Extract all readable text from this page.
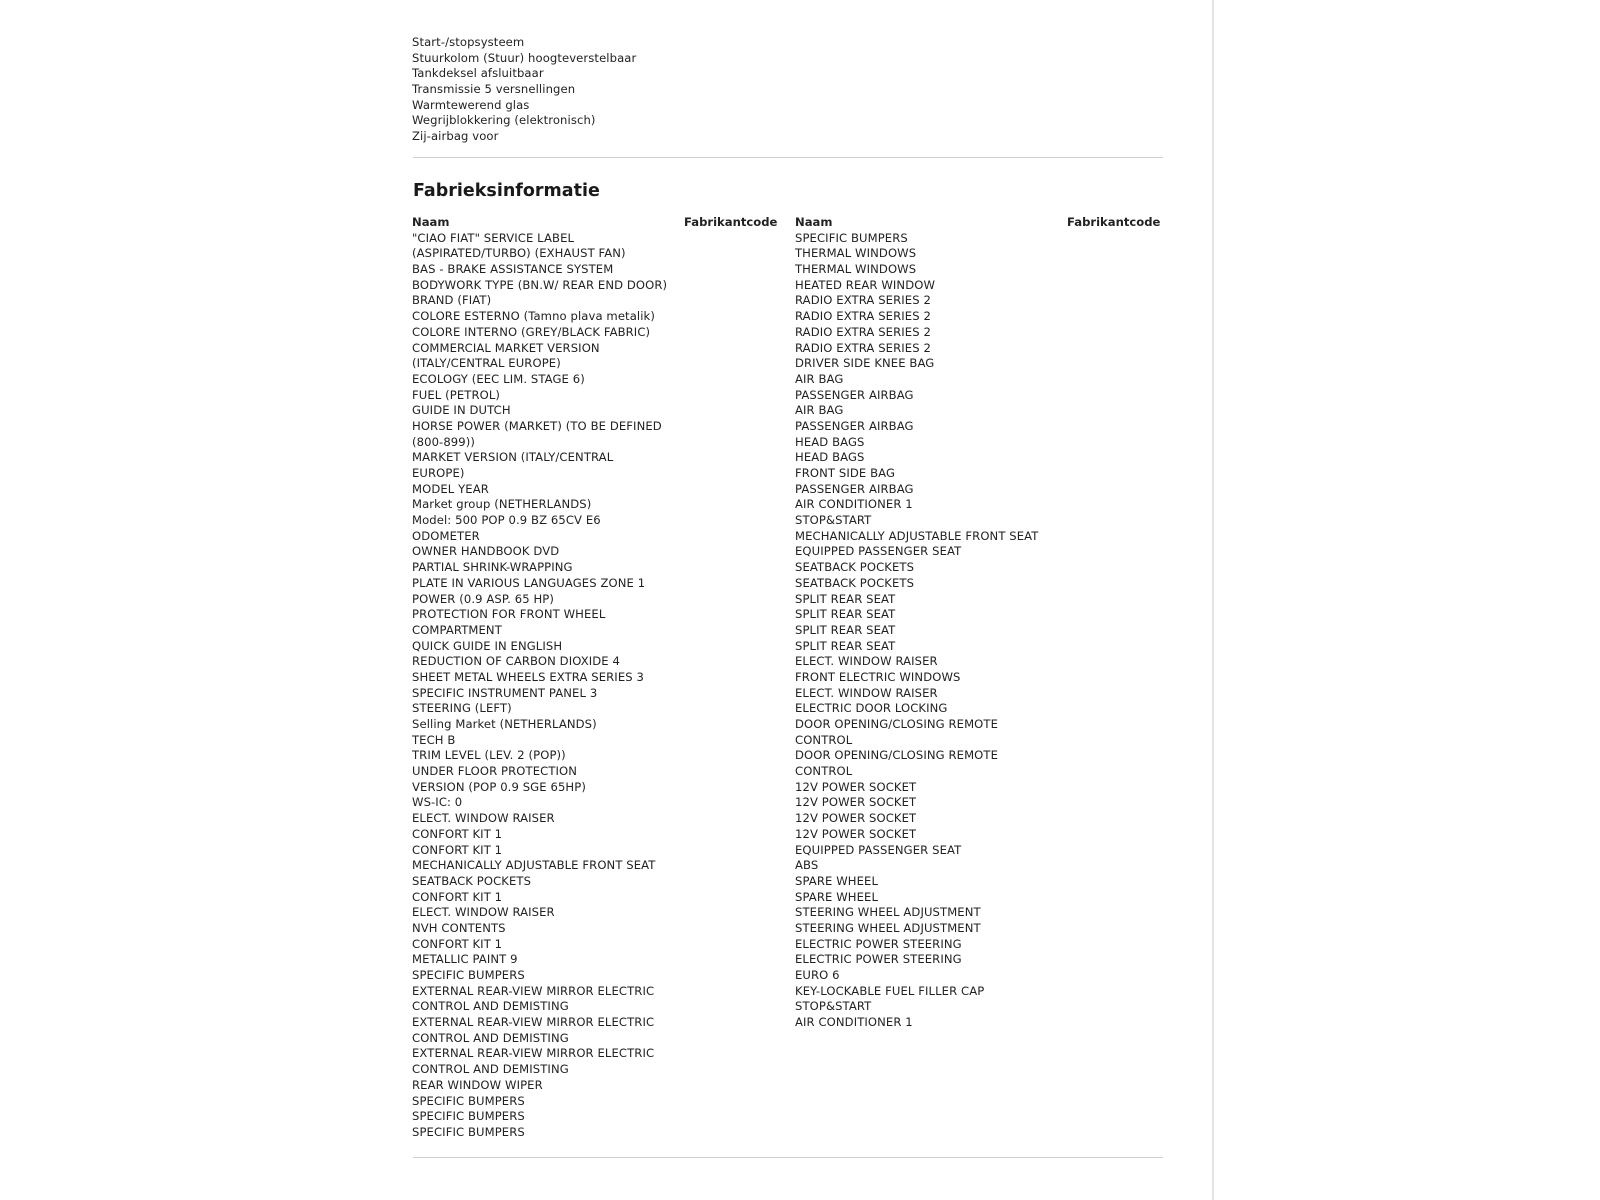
Start-/stopsysteem
Stuurkolom (Stuur) hoogteverstelbaar
Tankdeksel afsluitbaar
Transmissie 5 versnellingen
Warmtewerend glas
Wegrijblokkering (elektronisch)
Zij-airbag voor
Fabrieksinformatie
Naam	Fabrikantcode
"CIAO FIAT" SERVICE LABEL
(ASPIRATED/TURBO) (EXHAUST FAN)
BAS - BRAKE ASSISTANCE SYSTEM
BODYWORK TYPE (BN.W/ REAR END DOOR)
BRAND (FIAT)
COLORE ESTERNO (Tamno plava metalik)
COLORE INTERNO (GREY/BLACK FABRIC)
COMMERCIAL MARKET VERSION
(ITALY/CENTRAL EUROPE)
ECOLOGY (EEC LIM. STAGE 6)
FUEL (PETROL)
GUIDE IN DUTCH
HORSE POWER (MARKET) (TO BE DEFINED
(800-899))
MARKET VERSION (ITALY/CENTRAL
EUROPE)
MODEL YEAR
Market group (NETHERLANDS)
Model: 500 POP 0.9 BZ 65CV E6
ODOMETER
OWNER HANDBOOK DVD
PARTIAL SHRINK-WRAPPING
PLATE IN VARIOUS LANGUAGES ZONE 1
POWER (0.9 ASP. 65 HP)
PROTECTION FOR FRONT WHEEL
COMPARTMENT
QUICK GUIDE IN ENGLISH
REDUCTION OF CARBON DIOXIDE 4
SHEET METAL WHEELS EXTRA SERIES 3
SPECIFIC INSTRUMENT PANEL 3
STEERING (LEFT)
Selling Market (NETHERLANDS)
TECH B
TRIM LEVEL (LEV. 2 (POP))
UNDER FLOOR PROTECTION
VERSION (POP 0.9 SGE 65HP)
WS-IC: 0
ELECT. WINDOW RAISER
CONFORT KIT 1
CONFORT KIT 1
MECHANICALLY ADJUSTABLE FRONT SEAT
SEATBACK POCKETS
CONFORT KIT 1
ELECT. WINDOW RAISER
NVH CONTENTS
CONFORT KIT 1
METALLIC PAINT 9
SPECIFIC BUMPERS
EXTERNAL REAR-VIEW MIRROR ELECTRIC
CONTROL AND DEMISTING
EXTERNAL REAR-VIEW MIRROR ELECTRIC
CONTROL AND DEMISTING
EXTERNAL REAR-VIEW MIRROR ELECTRIC
CONTROL AND DEMISTING
REAR WINDOW WIPER
SPECIFIC BUMPERS
SPECIFIC BUMPERS
SPECIFIC BUMPERS
Naam	Fabrikantcode
SPECIFIC BUMPERS
THERMAL WINDOWS
THERMAL WINDOWS
HEATED REAR WINDOW
RADIO EXTRA SERIES 2
RADIO EXTRA SERIES 2
RADIO EXTRA SERIES 2
RADIO EXTRA SERIES 2
DRIVER SIDE KNEE BAG
AIR BAG
PASSENGER AIRBAG
AIR BAG
PASSENGER AIRBAG
HEAD BAGS
HEAD BAGS
FRONT SIDE BAG
PASSENGER AIRBAG
AIR CONDITIONER 1
STOP&START
MECHANICALLY ADJUSTABLE FRONT SEAT
EQUIPPED PASSENGER SEAT
SEATBACK POCKETS
SEATBACK POCKETS
SPLIT REAR SEAT
SPLIT REAR SEAT
SPLIT REAR SEAT
SPLIT REAR SEAT
ELECT. WINDOW RAISER
FRONT ELECTRIC WINDOWS
ELECT. WINDOW RAISER
ELECTRIC DOOR LOCKING
DOOR OPENING/CLOSING REMOTE
CONTROL
DOOR OPENING/CLOSING REMOTE
CONTROL
12V POWER SOCKET
12V POWER SOCKET
12V POWER SOCKET
12V POWER SOCKET
EQUIPPED PASSENGER SEAT
ABS
SPARE WHEEL
SPARE WHEEL
STEERING WHEEL ADJUSTMENT
STEERING WHEEL ADJUSTMENT
ELECTRIC POWER STEERING
ELECTRIC POWER STEERING
EURO 6
KEY-LOCKABLE FUEL FILLER CAP
STOP&START
AIR CONDITIONER 1
